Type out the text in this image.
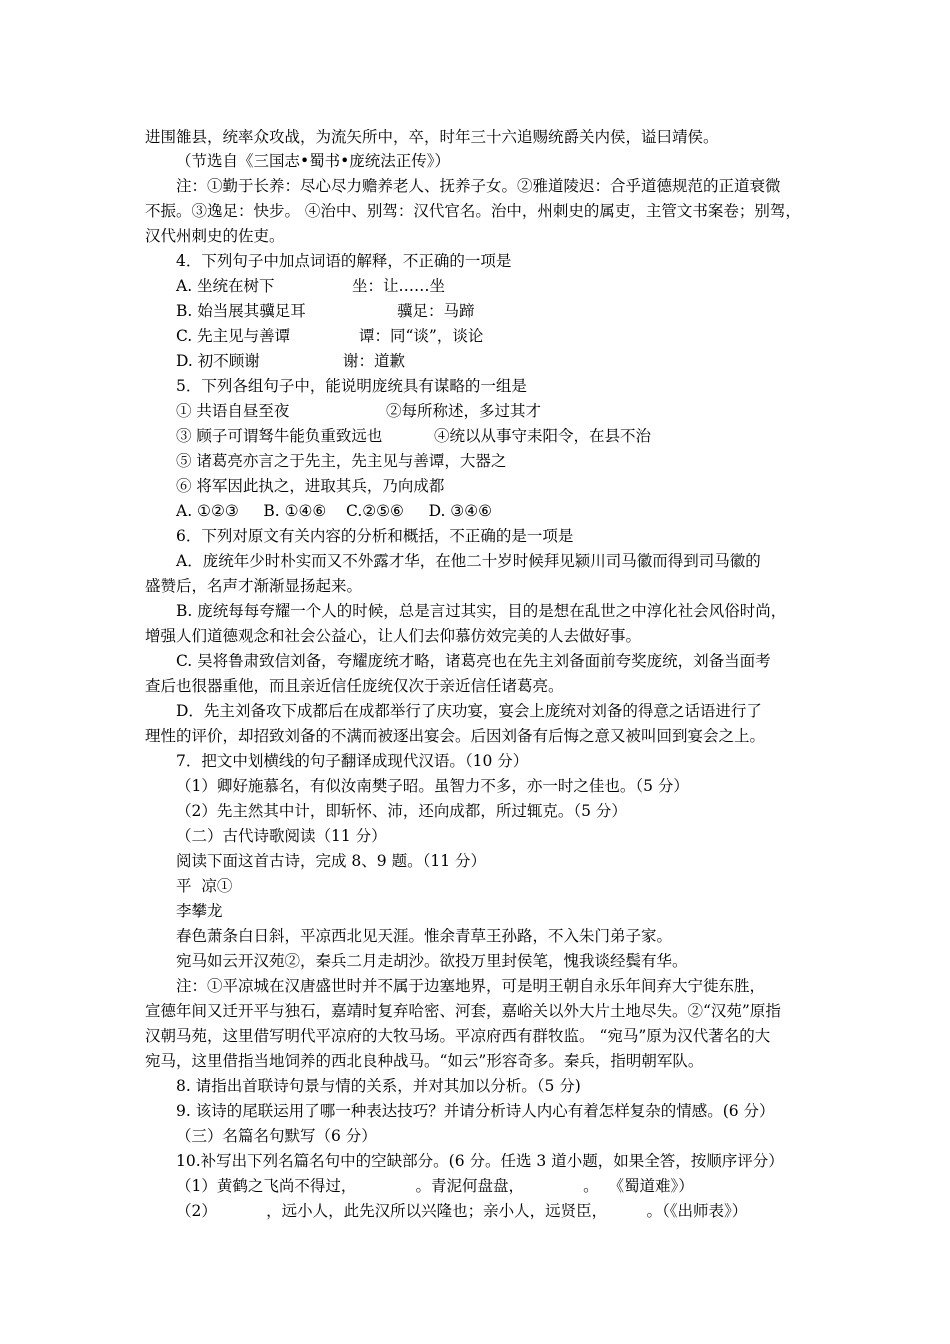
进围雒县，统率众攻战，为流矢所中，卒，时年三十六追赐统爵关内侯，谥曰靖侯。
（节选自《三国志•蜀书•庞统法正传》）
注：①勤于长养：尽心尽力赡养老人、抚养子女。②雅道陵迟：合乎道德规范的正道衰微
不振。③逸足：快步。 ④治中、别驾：汉代官名。治中，州刺史的属吏，主管文书案卷；别驾，
汉代州刺史的佐吏。
4．下列句子中加点词语的解释，不正确的一项是
A. 坐统在树下	坐：让……坐
B. 始当展其骥足耳	骥足：马蹄
C. 先主见与善谭	谭：同“谈”，谈论
D. 初不顾谢	谢：道歉
5．下列各组句子中，能说明庞统具有谋略的一组是
① 共语自昼至夜	②每所称述，多过其才
③ 顾子可谓驽牛能负重致远也	④统以从事守耒阳令，在县不治
⑤ 诸葛亮亦言之于先主，先主见与善谭，大器之
⑥ 将军因此执之，进取其兵，乃向成都
A. ①②③     B. ①④⑥    C.②⑤⑥     D. ③④⑥
6．下列对原文有关内容的分析和概括，不正确的是一项是
A．庞统年少时朴实而又不外露才华，在他二十岁时候拜见颍川司马徽而得到司马徽的
盛赞后，名声才渐渐显扬起来。
B. 庞统每每夸耀一个人的时候，总是言过其实，目的是想在乱世之中淳化社会风俗时尚，
增强人们道德观念和社会公益心，让人们去仰慕仿效完美的人去做好事。
C. 吴将鲁肃致信刘备，夸耀庞统才略，诸葛亮也在先主刘备面前夸奖庞统，刘备当面考
查后也很器重他，而且亲近信任庞统仅次于亲近信任诸葛亮。
D．先主刘备攻下成都后在成都举行了庆功宴，宴会上庞统对刘备的得意之话语进行了
理性的评价，却招致刘备的不满而被逐出宴会。后因刘备有后悔之意又被叫回到宴会之上。
7．把文中划横线的句子翻译成现代汉语。（10 分）
（1）卿好施慕名，有似汝南樊子昭。虽智力不多，亦一时之佳也。（5 分）
（2）先主然其中计，即斩怀、沛，还向成都，所过辄克。（5 分）
（二）古代诗歌阅读（11 分）
阅读下面这首古诗，完成 8、9 题。（11 分）
平  凉①
李攀龙
春色萧条白日斜，平凉西北见天涯。惟余青草王孙路，不入朱门弟子家。
宛马如云开汉苑②，秦兵二月走胡沙。欲投万里封侯笔，愧我谈经鬓有华。
注：①平凉城在汉唐盛世时并不属于边塞地界，可是明王朝自永乐年间弃大宁徙东胜，
宣德年间又迁开平与独石，嘉靖时复弃哈密、河套，嘉峪关以外大片土地尽失。②“汉苑”原指
汉朝马苑，这里借写明代平凉府的大牧马场。平凉府西有群牧监。 “宛马”原为汉代著名的大
宛马，这里借指当地饲养的西北良种战马。“如云”形容奇多。秦兵，指明朝军队。
8. 请指出首联诗句景与情的关系，并对其加以分析。（5 分)
9. 该诗的尾联运用了哪一种表达技巧？并请分析诗人内心有着怎样复杂的情感。(6 分）
（三）名篇名句默写（6 分）
10.补写出下列名篇名句中的空缺部分。(6 分。任选 3 道小题，如果全答，按顺序评分）
（1）黄鹤之飞尚不得过，            。青泥何盘盘，            。  《蜀道难》）
（2）          ，远小人，此先汉所以兴隆也；亲小人，远贤臣，        。（《出师表》）
